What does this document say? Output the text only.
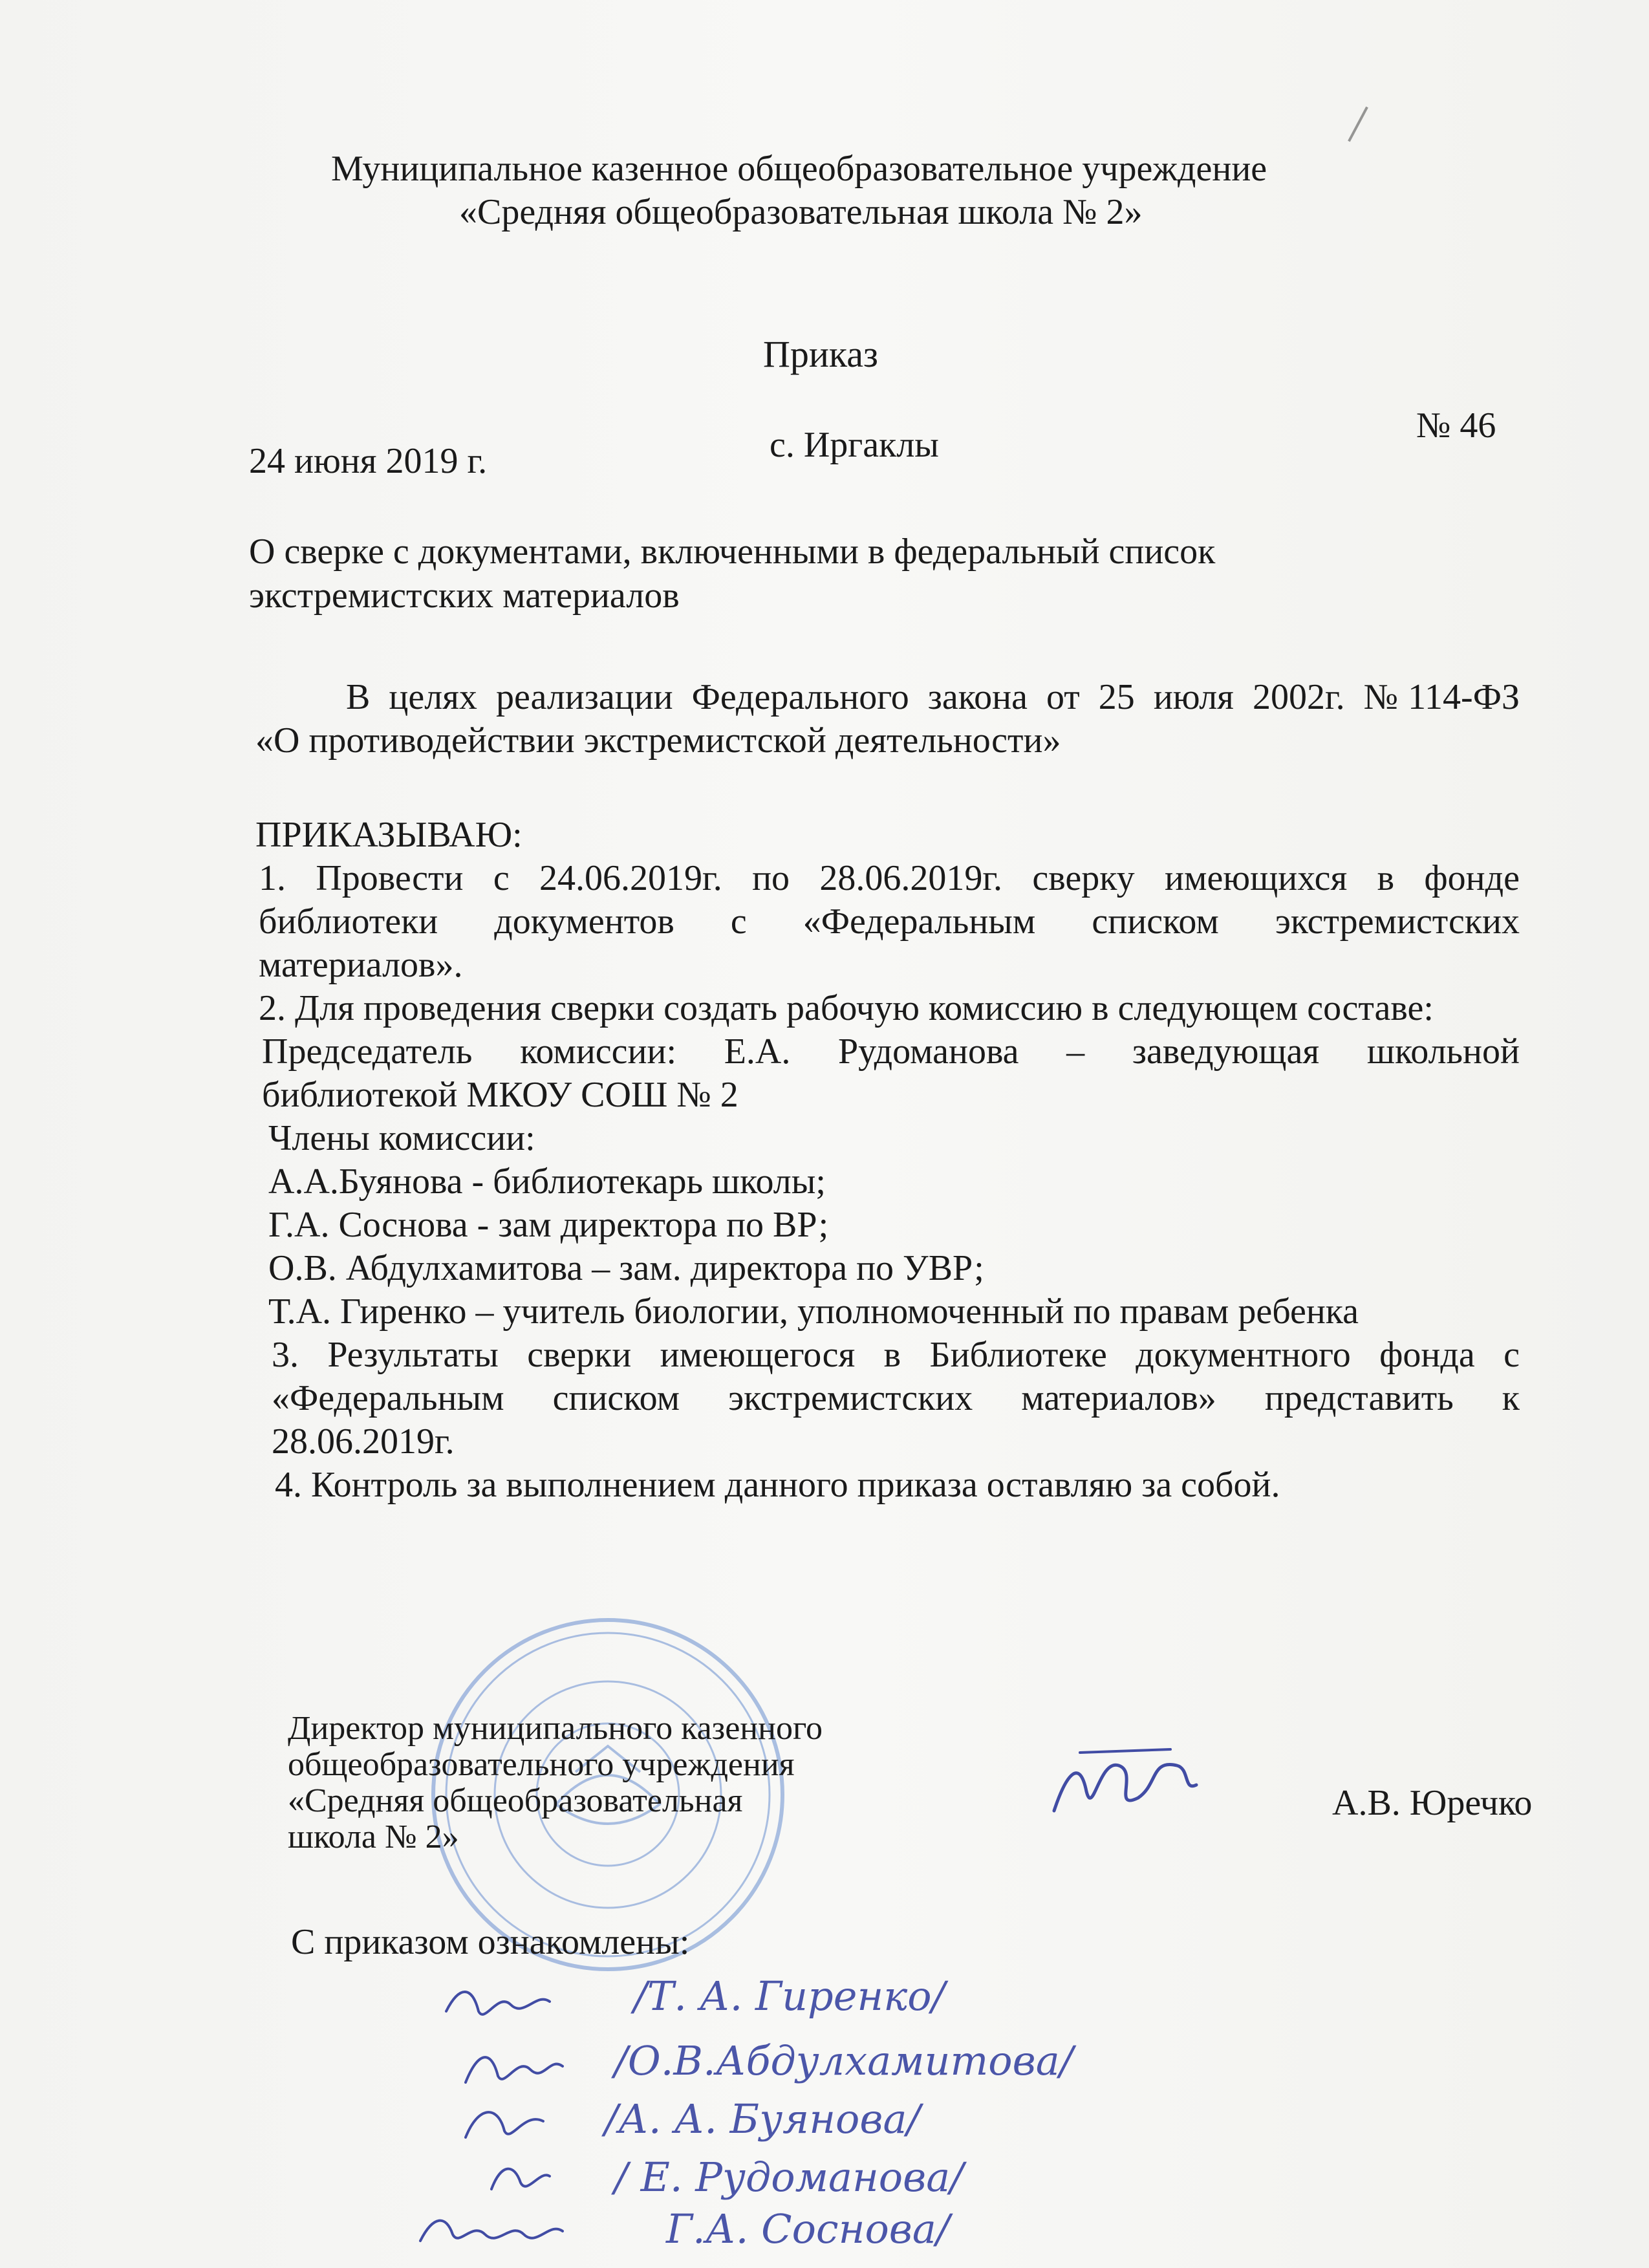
Муниципальное казенное общеобразовательное учреждение
«Средняя общеобразовательная школа № 2»
Приказ
24 июня 2019 г.	с. Иргаклы	№ 46
О сверке с документами, включенными в федеральный список
экстремистских материалов
В целях реализации Федерального закона от 25 июля 2002г. №114-ФЗ
«О противодействии экстремистской деятельности»
ПРИКАЗЫВАЮ:
1. Провести с 24.06.2019г. по 28.06.2019г. сверку имеющихся в фонде
библиотеки документов с «Федеральным списком экстремистских
материалов».
2. Для проведения сверки создать рабочую комиссию в следующем составе:
Председатель комиссии: Е.А. Рудоманова – заведующая школьной
библиотекой МКОУ СОШ № 2
Члены комиссии:
А.А.Буянова - библиотекарь школы;
Г.А. Соснова - зам директора по ВР;
О.В. Абдулхамитова – зам. директора по УВР;
Т.А. Гиренко – учитель биологии, уполномоченный по правам ребенка
3. Результаты сверки имеющегося в Библиотеке документного фонда с
«Федеральным списком экстремистских материалов» представить к
28.06.2019г.
4. Контроль за выполнением данного приказа оставляю за собой.
Директор муниципального казенного
общеобразовательного учреждения
«Средняя общеобразовательная
школа № 2»
А.В. Юречко
С приказом ознакомлены:
/Т. А. Гиренко/
/О.В.Абдулхамитова/
/А. А. Буянова/
/ Е. Рудоманова/
Г.А. Соснова/
